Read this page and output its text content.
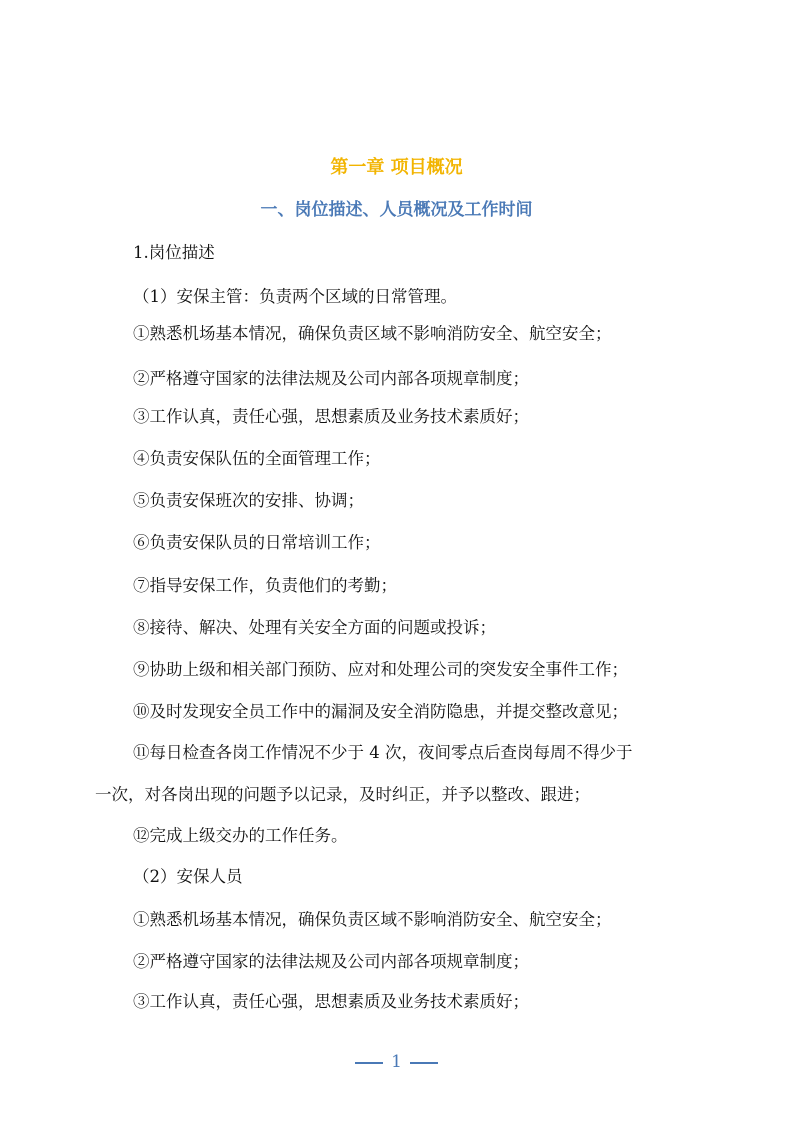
第一章 项目概况
一、岗位描述、人员概况及工作时间
1.岗位描述
（1）安保主管：负责两个区域的日常管理。
①熟悉机场基本情况，确保负责区域不影响消防安全、航空安全；
②严格遵守国家的法律法规及公司内部各项规章制度；
③工作认真，责任心强，思想素质及业务技术素质好；
④负责安保队伍的全面管理工作；
⑤负责安保班次的安排、协调；
⑥负责安保队员的日常培训工作；
⑦指导安保工作，负责他们的考勤；
⑧接待、解决、处理有关安全方面的问题或投诉；
⑨协助上级和相关部门预防、应对和处理公司的突发安全事件工作；
⑩及时发现安全员工作中的漏洞及安全消防隐患，并提交整改意见；
⑪每日检查各岗工作情况不少于 4 次，夜间零点后查岗每周不得少于
一次，对各岗出现的问题予以记录，及时纠正，并予以整改、跟进；
⑫完成上级交办的工作任务。
（2）安保人员
①熟悉机场基本情况，确保负责区域不影响消防安全、航空安全；
②严格遵守国家的法律法规及公司内部各项规章制度；
③工作认真，责任心强，思想素质及业务技术素质好；
1
